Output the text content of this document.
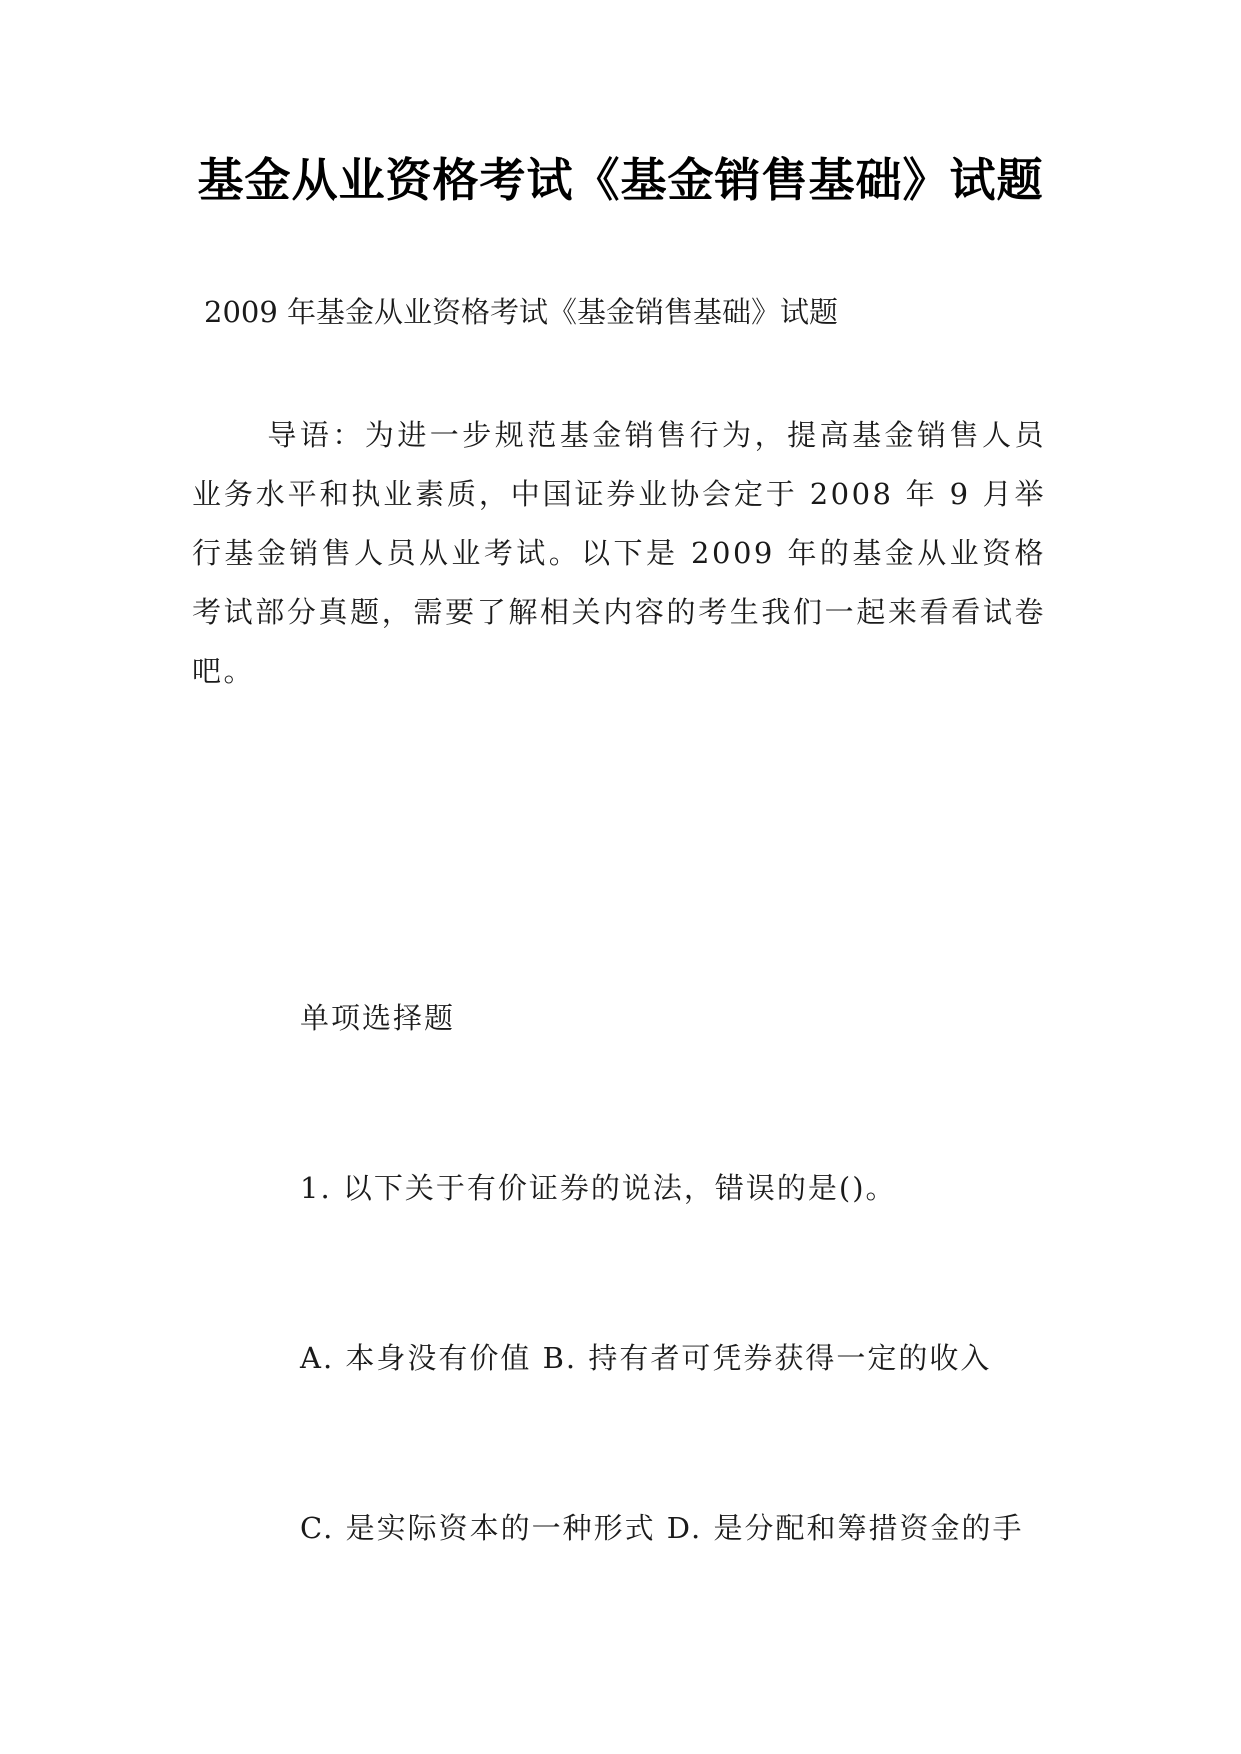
基金从业资格考试《基金销售基础》试题

2009 年基金从业资格考试《基金销售基础》试题

导语：为进一步规范基金销售行为，提高基金销售人员业务水平和执业素质，中国证券业协会定于 2008 年 9 月举行基金销售人员从业考试。以下是 2009 年的基金从业资格考试部分真题，需要了解相关内容的考生我们一起来看看试卷吧。

单项选择题

1. 以下关于有价证券的说法，错误的是()。

A. 本身没有价值 B. 持有者可凭券获得一定的收入

C. 是实际资本的一种形式 D. 是分配和筹措资金的手
